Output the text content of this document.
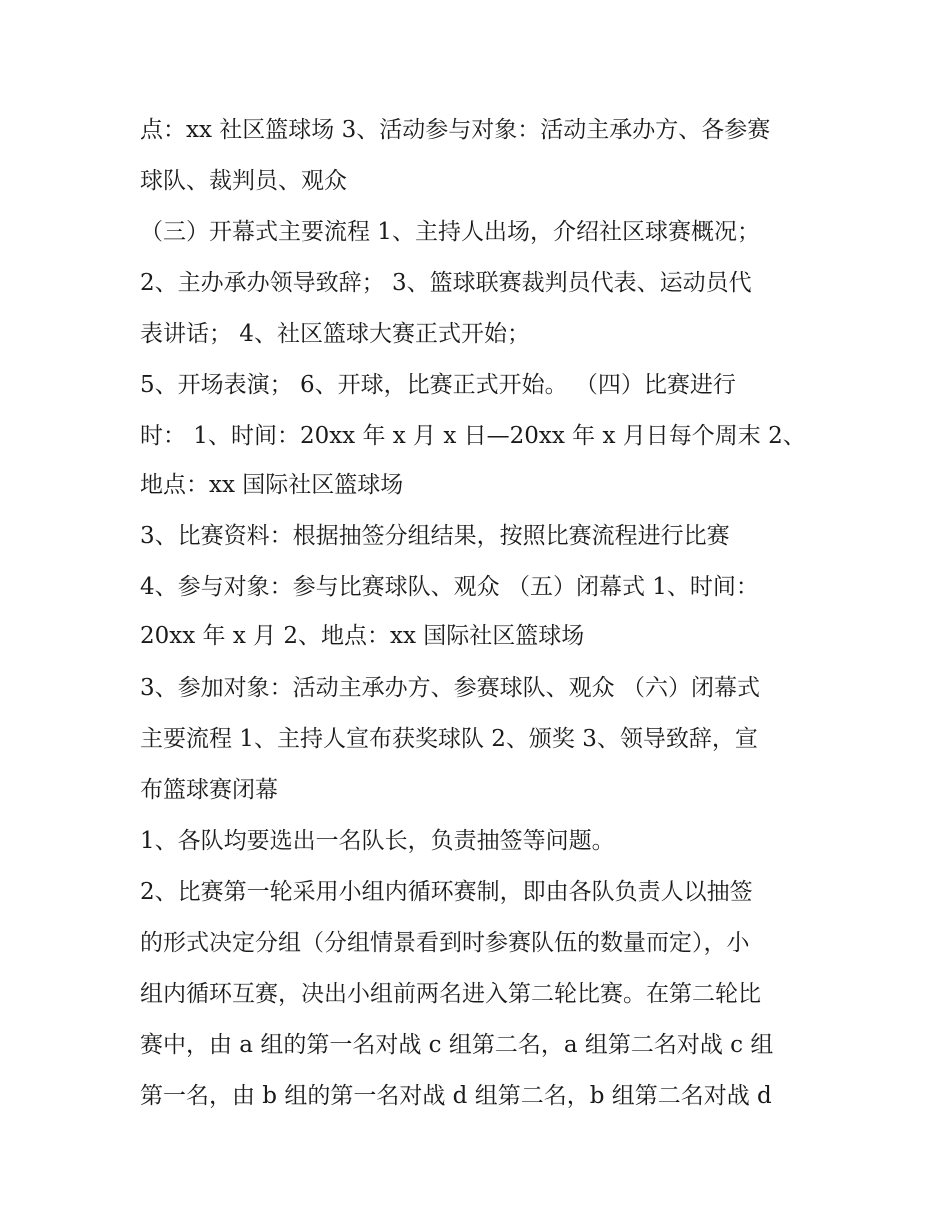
点：xx 社区篮球场 3、活动参与对象：活动主承办方、各参赛
球队、裁判员、观众
（三）开幕式主要流程 1、主持人出场，介绍社区球赛概况；
2、主办承办领导致辞； 3、篮球联赛裁判员代表、运动员代
表讲话； 4、社区篮球大赛正式开始；
5、开场表演； 6、开球，比赛正式开始。 （四）比赛进行
时： 1、时间：20xx 年 x 月 x 日—20xx 年 x 月日每个周末 2、
地点：xx 国际社区篮球场
3、比赛资料：根据抽签分组结果，按照比赛流程进行比赛
4、参与对象：参与比赛球队、观众 （五）闭幕式 1、时间：
20xx 年 x 月 2、地点：xx 国际社区篮球场
3、参加对象：活动主承办方、参赛球队、观众 （六）闭幕式
主要流程 1、主持人宣布获奖球队 2、颁奖 3、领导致辞，宣
布篮球赛闭幕
1、各队均要选出一名队长，负责抽签等问题。
2、比赛第一轮采用小组内循环赛制，即由各队负责人以抽签
的形式决定分组（分组情景看到时参赛队伍的数量而定），小
组内循环互赛，决出小组前两名进入第二轮比赛。在第二轮比
赛中，由 a 组的第一名对战 c 组第二名，a 组第二名对战 c 组
第一名，由 b 组的第一名对战 d 组第二名，b 组第二名对战 d
